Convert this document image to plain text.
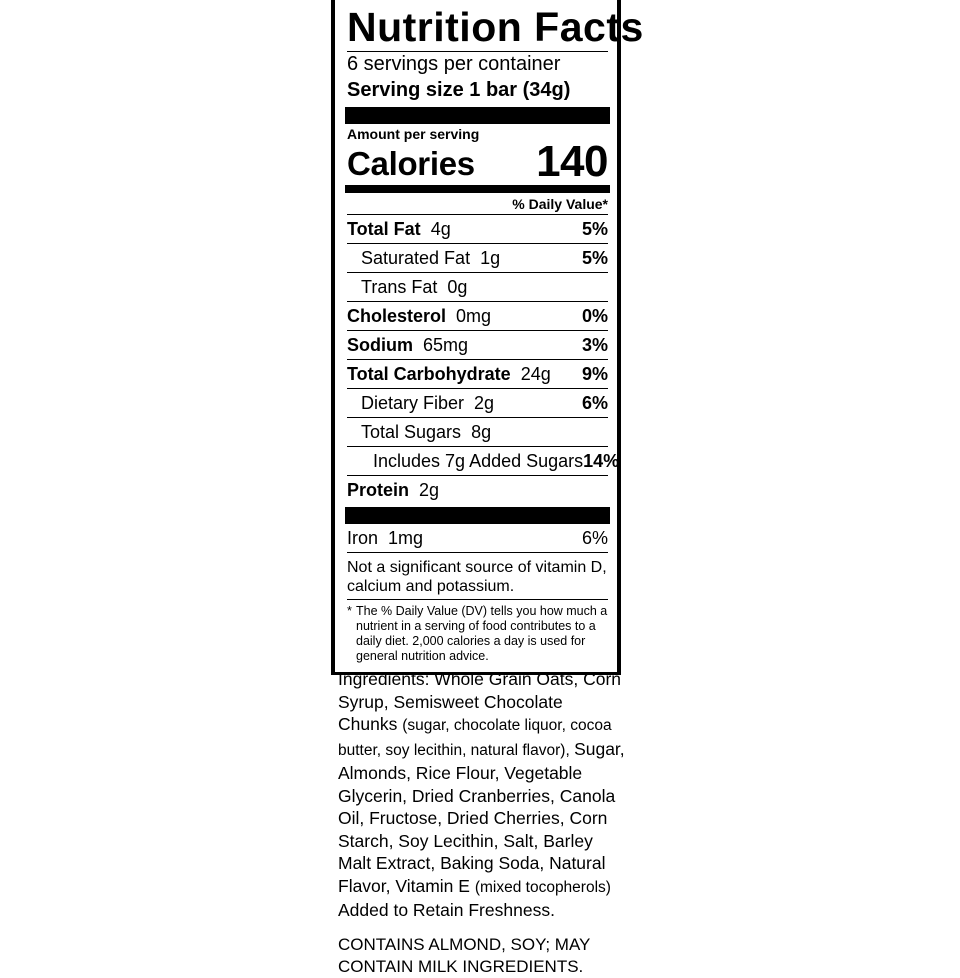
Nutrition Facts
6 servings per container
Serving size 1 bar (34g)
Amount per serving
Calories 140
% Daily Value*
Total Fat 4g	5%
Saturated Fat 1g	5%
Trans Fat 0g
Cholesterol 0mg	0%
Sodium 65mg	3%
Total Carbohydrate 24g 9%
Dietary Fiber 2g	6%
Total Sugars 8g
Includes 7g Added Sugars 14%
Protein 2g
Iron 1mg	6%
Not a significant source of vitamin D, calcium and potassium.
* The % Daily Value (DV) tells you how much a nutrient in a serving of food contributes to a daily diet. 2,000 calories a day is used for general nutrition advice.

Ingredients: Whole Grain Oats, Corn Syrup, Semisweet Chocolate Chunks (sugar, chocolate liquor, cocoa butter, soy lecithin, natural flavor), Sugar, Almonds, Rice Flour, Vegetable Glycerin, Dried Cranberries, Canola Oil, Fructose, Dried Cherries, Corn Starch, Soy Lecithin, Salt, Barley Malt Extract, Baking Soda, Natural Flavor, Vitamin E (mixed tocopherols) Added to Retain Freshness.

CONTAINS ALMOND, SOY; MAY CONTAIN MILK INGREDIENTS.
